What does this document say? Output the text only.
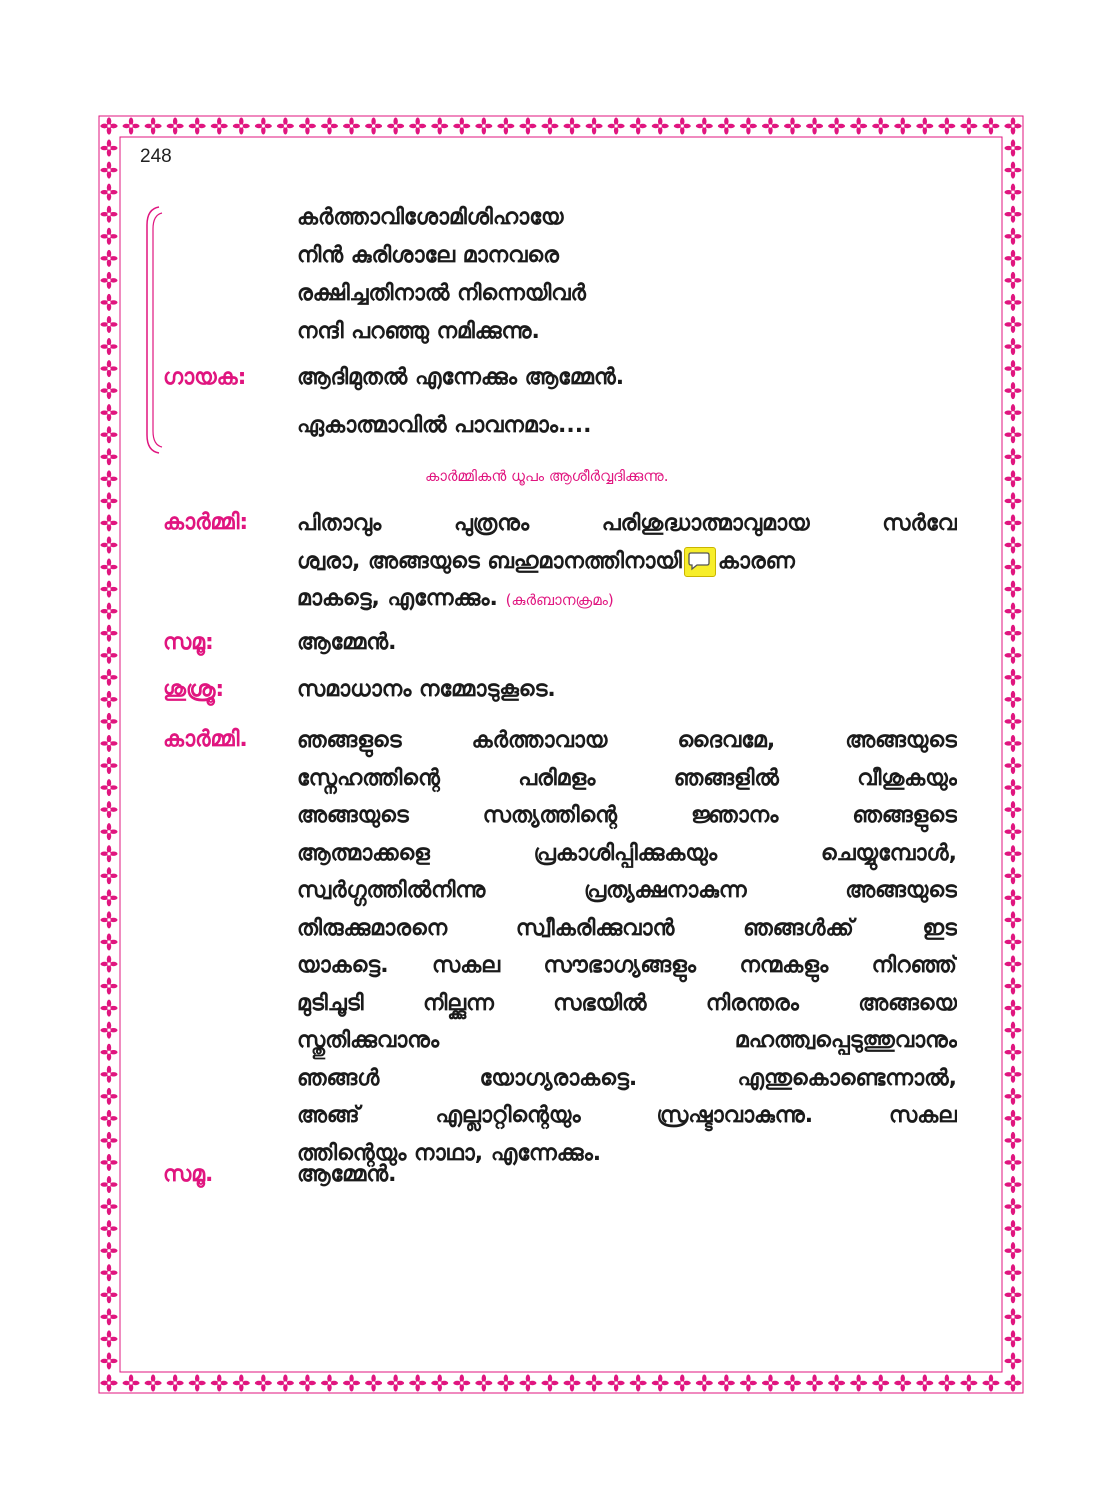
248
കർത്താവിശോമിശിഹായേ
നിൻ കുരിശാലേ മാനവരെ
രക്ഷിച്ചതിനാൽ നിന്നെയിവർ
നന്ദി പറഞ്ഞു നമിക്കുന്നു.
ഗായക: ആദിമുതൽ എന്നേക്കും ആമ്മേൻ.
ഏകാത്മാവിൽ പാവനമാം....
കാർമ്മികൻ ധൂപം ആശീർവ്വദിക്കുന്നു.
കാർമ്മി: പിതാവും പുത്രനും പരിശുദ്ധാത്മാവുമായ സർവേ
ശ്വരാ, അങ്ങയുടെ ബഹുമാനത്തിനായി കാരണ
മാകട്ടെ, എന്നേക്കും. (കുർബാനക്രമം)
സമൂ:	ആമ്മേൻ.
ശുശ്രൂ:	സമാധാനം നമ്മോടുകൂടെ.
കാർമ്മി. ഞങ്ങളുടെ കർത്താവായ ദൈവമേ, അങ്ങയുടെ
സ്നേഹത്തിന്റെ പരിമളം ഞങ്ങളിൽ വീശുകയും
അങ്ങയുടെ സത്യത്തിന്റെ ജ്ഞാനം ഞങ്ങളുടെ
ആത്മാക്കളെ പ്രകാശിപ്പിക്കുകയും ചെയ്യുമ്പോൾ,
സ്വർഗ്ഗത്തിൽനിന്നു പ്രത്യക്ഷനാകുന്ന അങ്ങയുടെ
തിരുക്കുമാരനെ സ്വീകരിക്കുവാൻ ഞങ്ങൾക്ക് ഇട
യാകട്ടെ. സകല സൗഭാഗ്യങ്ങളും നന്മകളും നിറഞ്ഞ്
മുടിചൂടി നില്ക്കുന്ന സഭയിൽ നിരന്തരം അങ്ങയെ
സ്തുതിക്കുവാനും മഹത്ത്വപ്പെടുത്തുവാനും
ഞങ്ങൾ യോഗ്യരാകട്ടെ. എന്തുകൊണ്ടെന്നാൽ,
അങ്ങ് എല്ലാറ്റിന്റെയും സ്രഷ്ടാവാകുന്നു. സകല
ത്തിന്റെയും നാഥാ, എന്നേക്കും.
സമൂ.	ആമ്മേൻ.
